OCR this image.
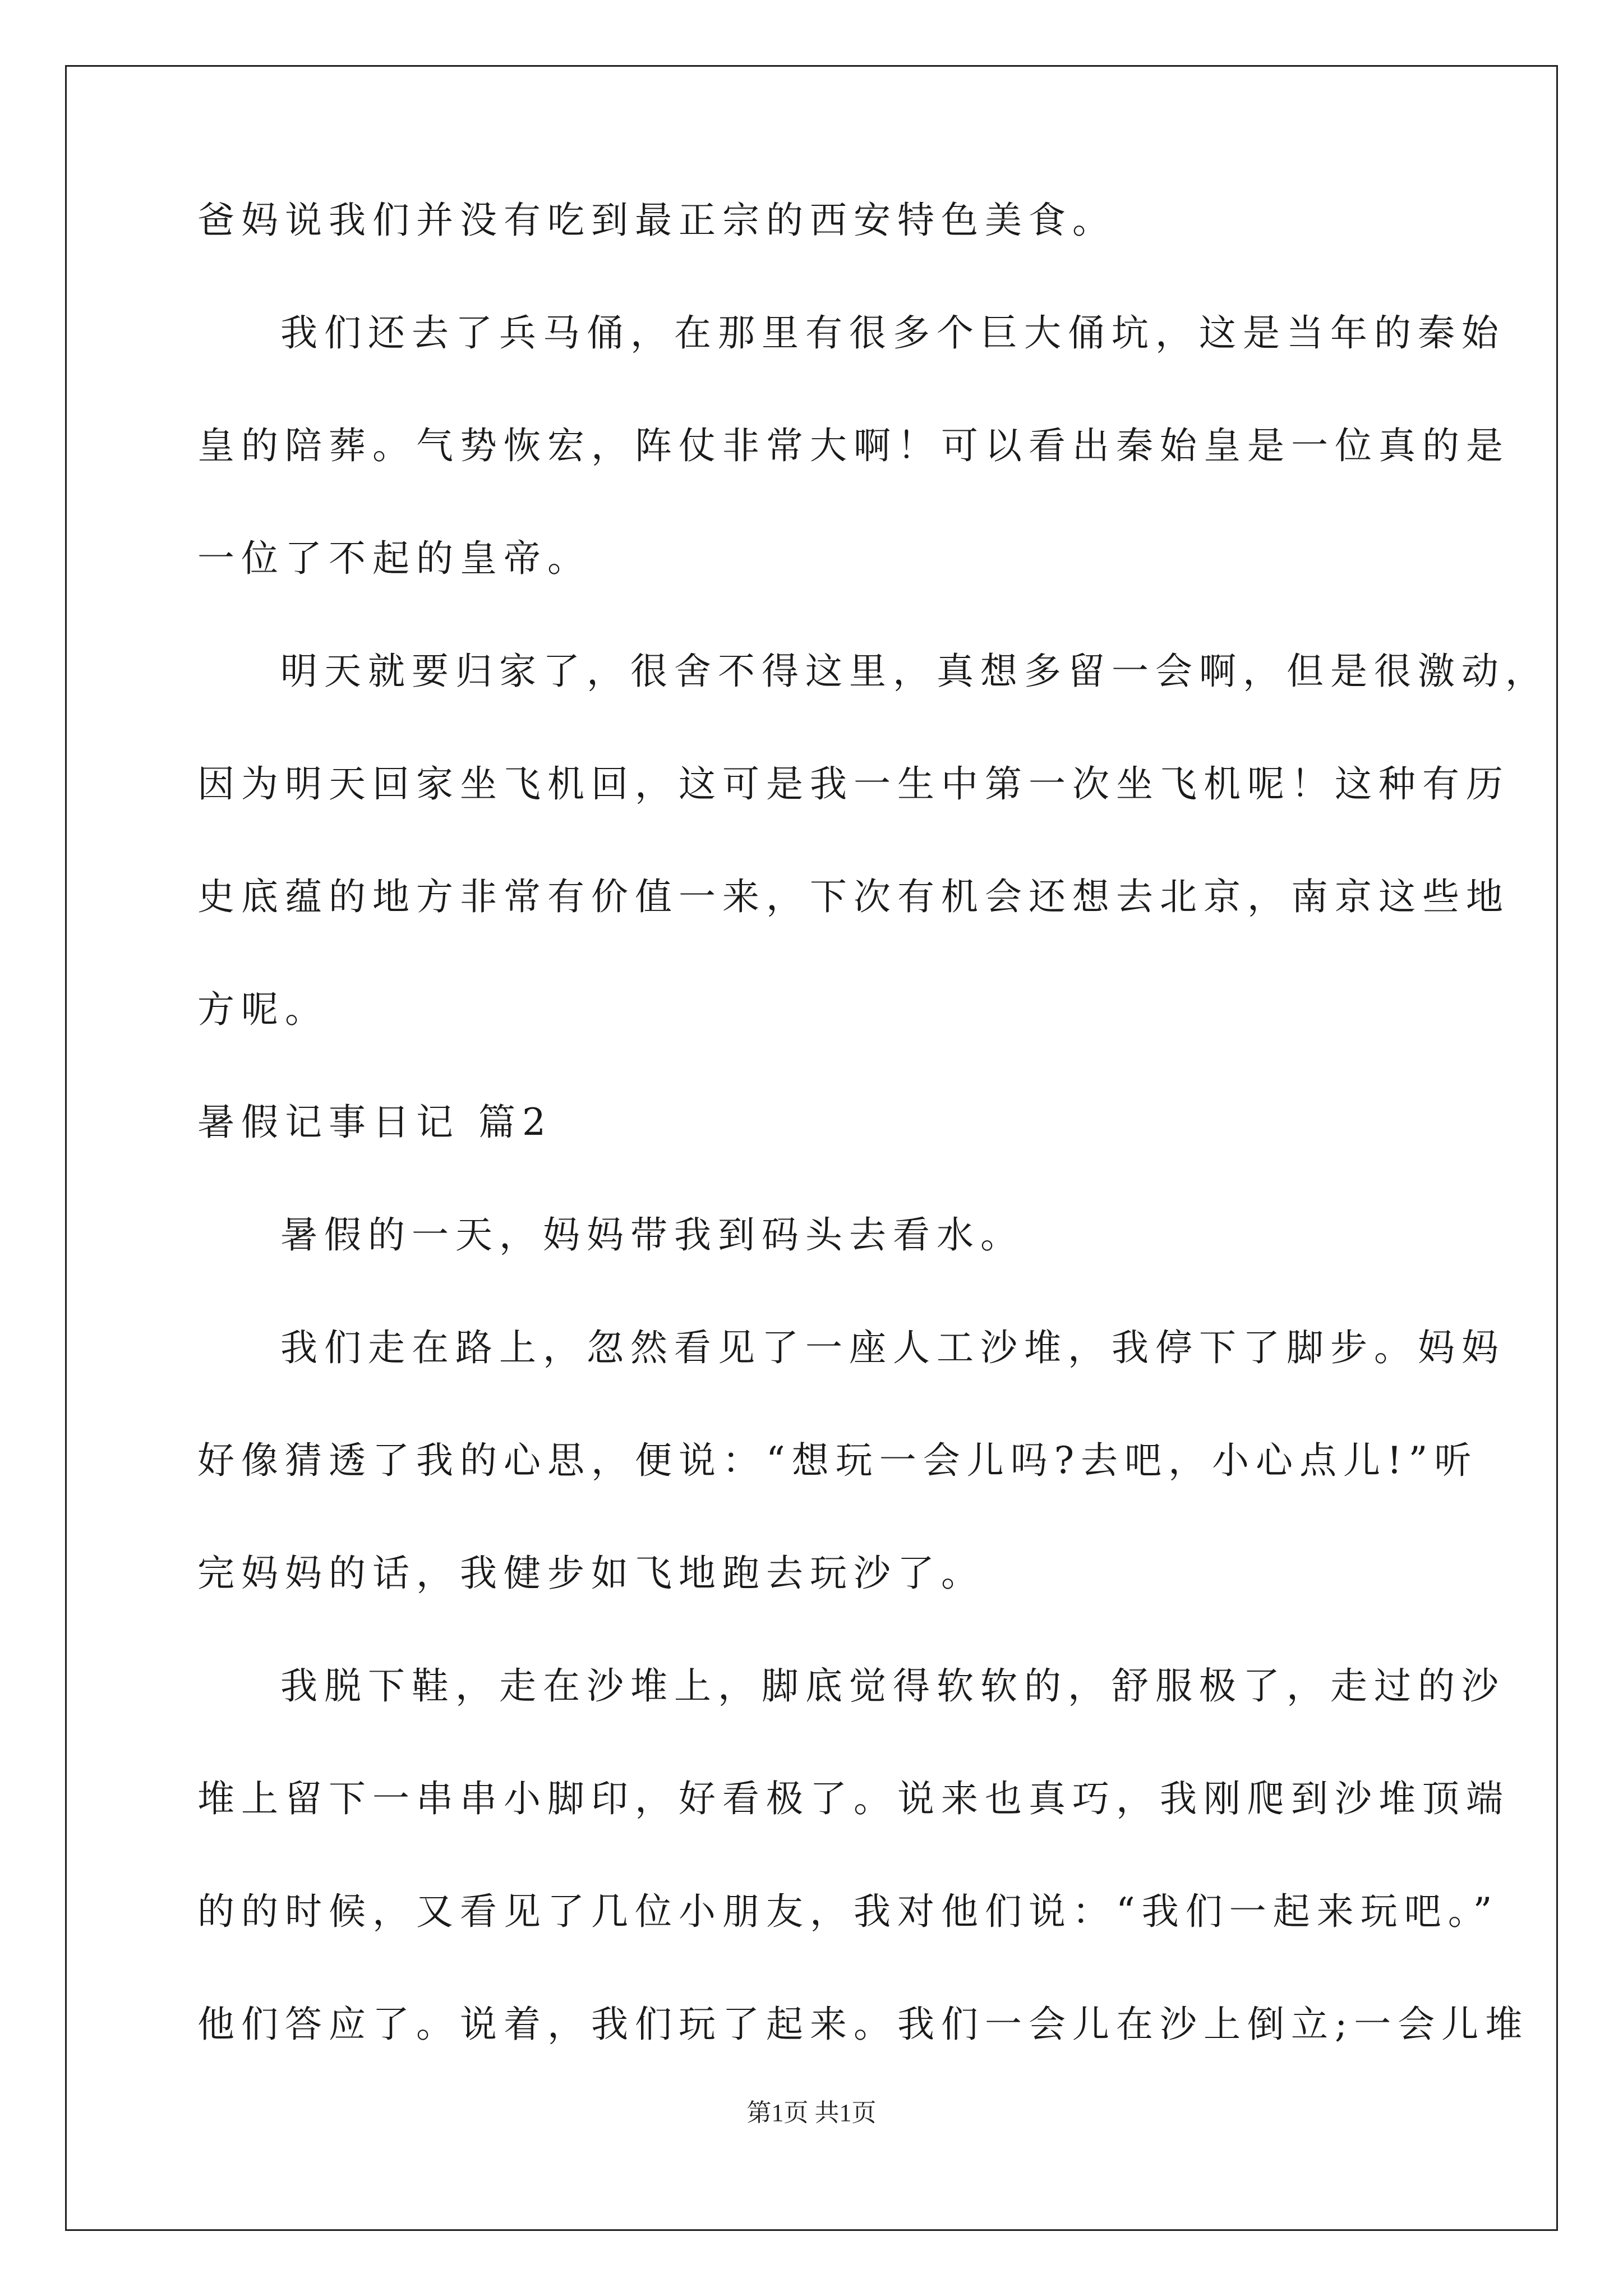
爸妈说我们并没有吃到最正宗的西安特色美食。
我们还去了兵马俑，在那里有很多个巨大俑坑，这是当年的秦始
皇的陪葬。气势恢宏，阵仗非常大啊！可以看出秦始皇是一位真的是
一位了不起的皇帝。
明天就要归家了，很舍不得这里，真想多留一会啊，但是很激动，
因为明天回家坐飞机回，这可是我一生中第一次坐飞机呢！这种有历
史底蕴的地方非常有价值一来，下次有机会还想去北京，南京这些地
方呢。
暑假记事日记 篇2
暑假的一天，妈妈带我到码头去看水。
我们走在路上，忽然看见了一座人工沙堆，我停下了脚步。妈妈
好像猜透了我的心思，便说：“想玩一会儿吗?去吧，小心点儿!”听
完妈妈的话，我健步如飞地跑去玩沙了。
我脱下鞋，走在沙堆上，脚底觉得软软的，舒服极了，走过的沙
堆上留下一串串小脚印，好看极了。说来也真巧，我刚爬到沙堆顶端
的的时候，又看见了几位小朋友，我对他们说：“我们一起来玩吧。”
他们答应了。说着，我们玩了起来。我们一会儿在沙上倒立;一会儿堆
第1页 共1页
